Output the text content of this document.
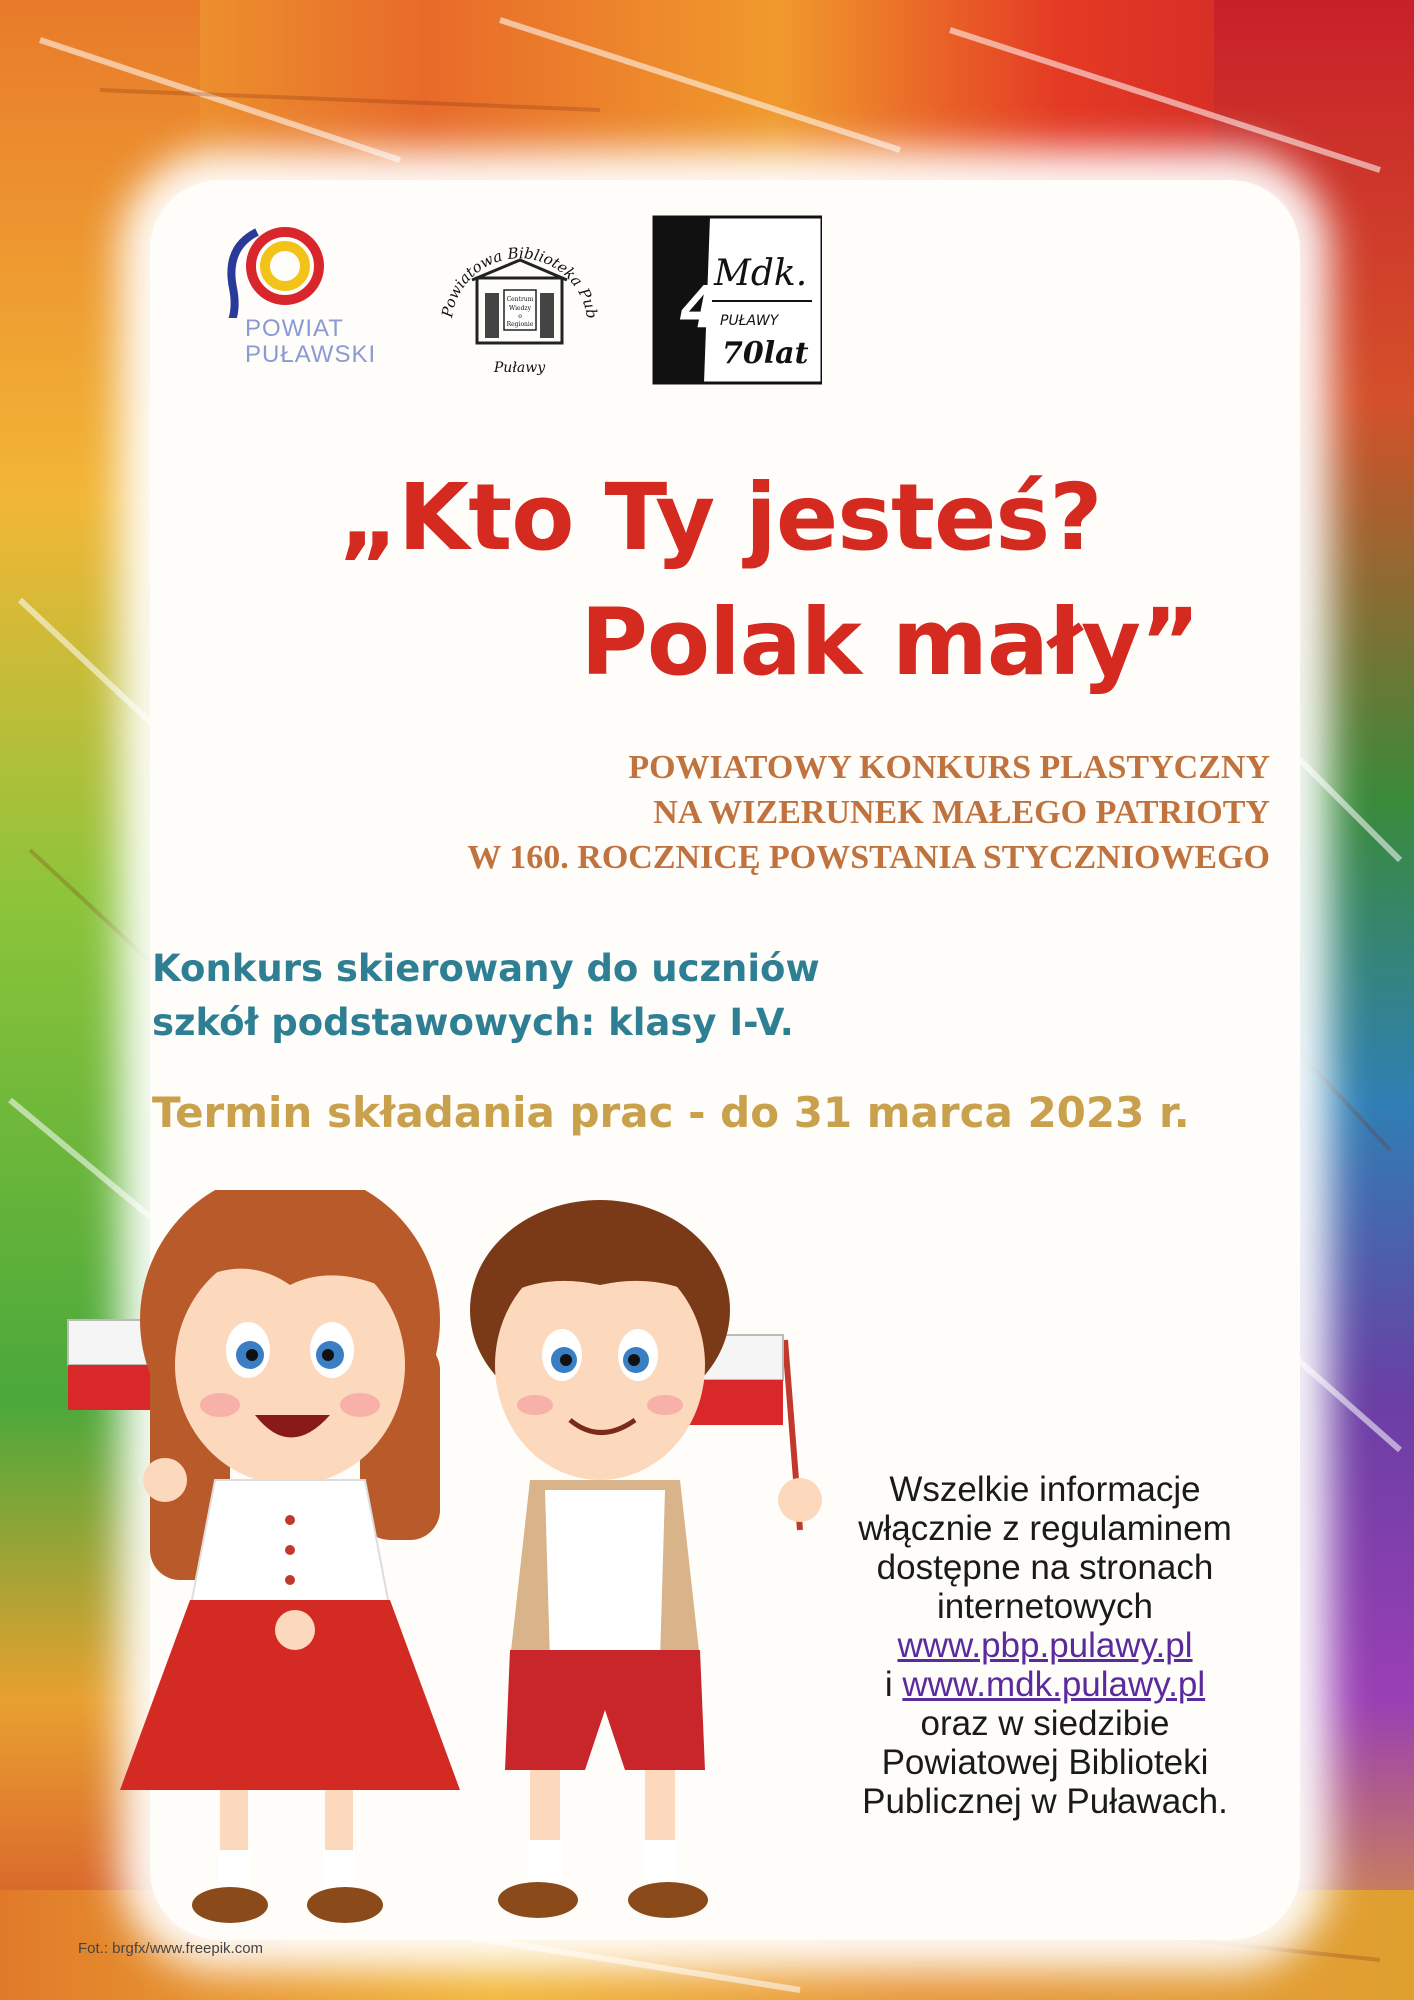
POWIAT
PUŁAWSKI
Powiatowa Biblioteka Pub
Centrum
Wiedzy
o
Regionie
Puławy
4
Mdk.
PUŁAWY
70lat
„Kto Ty jesteś?
Polak mały”
POWIATOWY KONKURS PLASTYCZNY
NA WIZERUNEK MAŁEGO PATRIOTY
W 160. ROCZNICĘ POWSTANIA STYCZNIOWEGO
Konkurs skierowany do uczniów
szkół podstawowych: klasy I-V.
Termin składania prac - do 31 marca 2023 r.
Wszelkie informacje
włącznie z regulaminem
dostępne na stronach
internetowych
www.pbp.pulawy.pl
i www.mdk.pulawy.pl
oraz w siedzibie
Powiatowej Biblioteki
Publicznej w Puławach.
Fot.: brgfx/www.freepik.com
